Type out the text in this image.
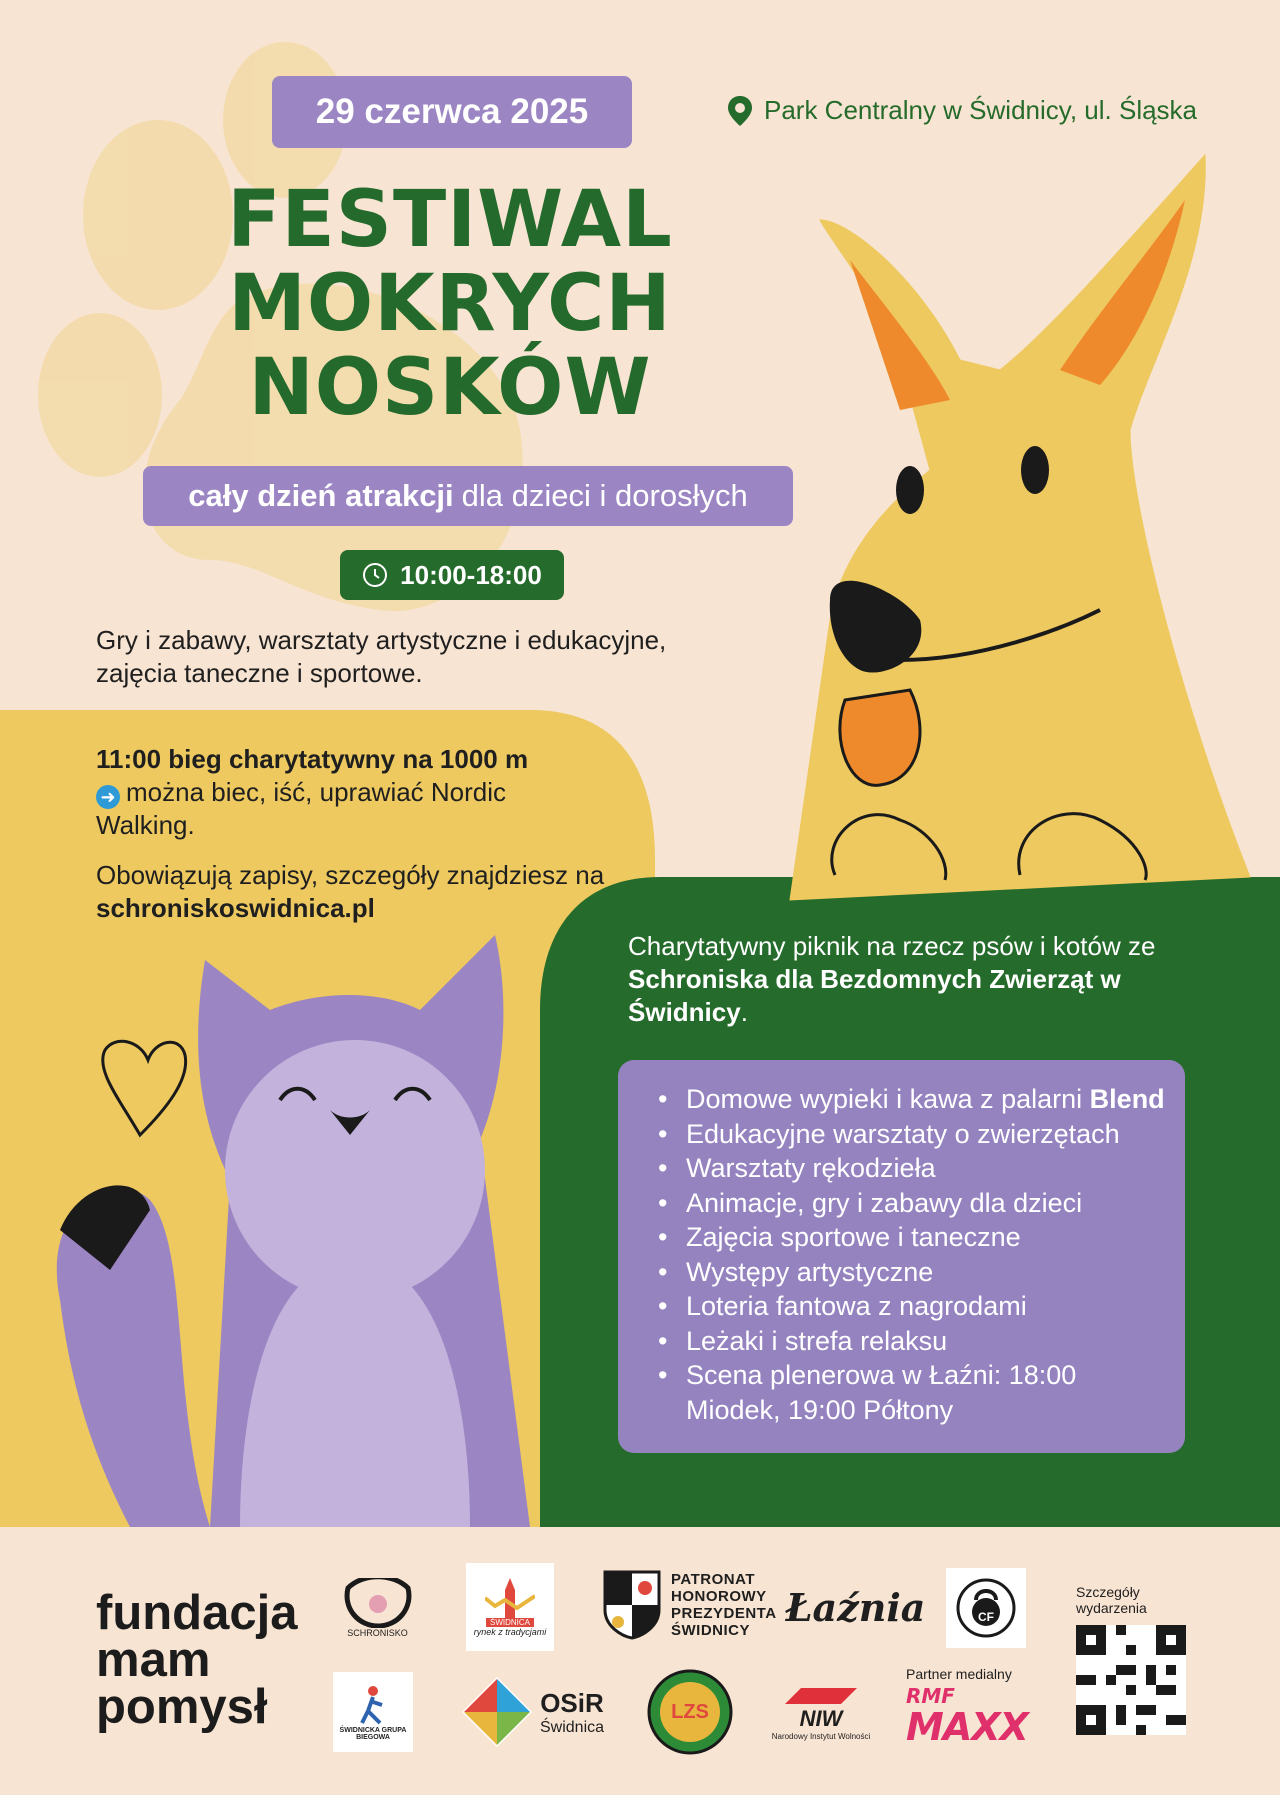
29 czerwca 2025	Park Centralny w Świdnicy, ul. Śląska
FESTIWAL
MOKRYCH
NOSKÓW
cały dzień atrakcji dla dzieci i dorosłych
10:00-18:00
Gry i zabawy, warsztaty artystyczne i edukacyjne, zajęcia taneczne i sportowe.
11:00 bieg charytatywny na 1000 m
➜ można biec, iść, uprawiać Nordic Walking.
Obowiązują zapisy, szczegóły znajdziesz na schroniskoswidnica.pl
Charytatywny piknik na rzecz psów i kotów ze Schroniska dla Bezdomnych Zwierząt w Świdnicy.
• Domowe wypieki i kawa z palarni Blend
• Edukacyjne warsztaty o zwierzętach
• Warsztaty rękodzieła
• Animacje, gry i zabawy dla dzieci
• Zajęcia sportowe i taneczne
• Występy artystyczne
• Loteria fantowa z nagrodami
• Leżaki i strefa relaksu
• Scena plenerowa w Łaźni: 18:00 Miodek, 19:00 Półtony
fundacja
mam
pomysł
SCHRONISKO
ŚWIDNICA
rynek z tradycjami
PATRONAT
HONOROWY
PREZYDENTA
ŚWIDNICY
Łaźnia	CF
Szczegóły wydarzenia
ŚWIDNICKA GRUPA BIEGOWA
OSiR
Świdnica
LZS	NIW
Narodowy Instytut Wolności
Partner medialny
RMF
MAXX
